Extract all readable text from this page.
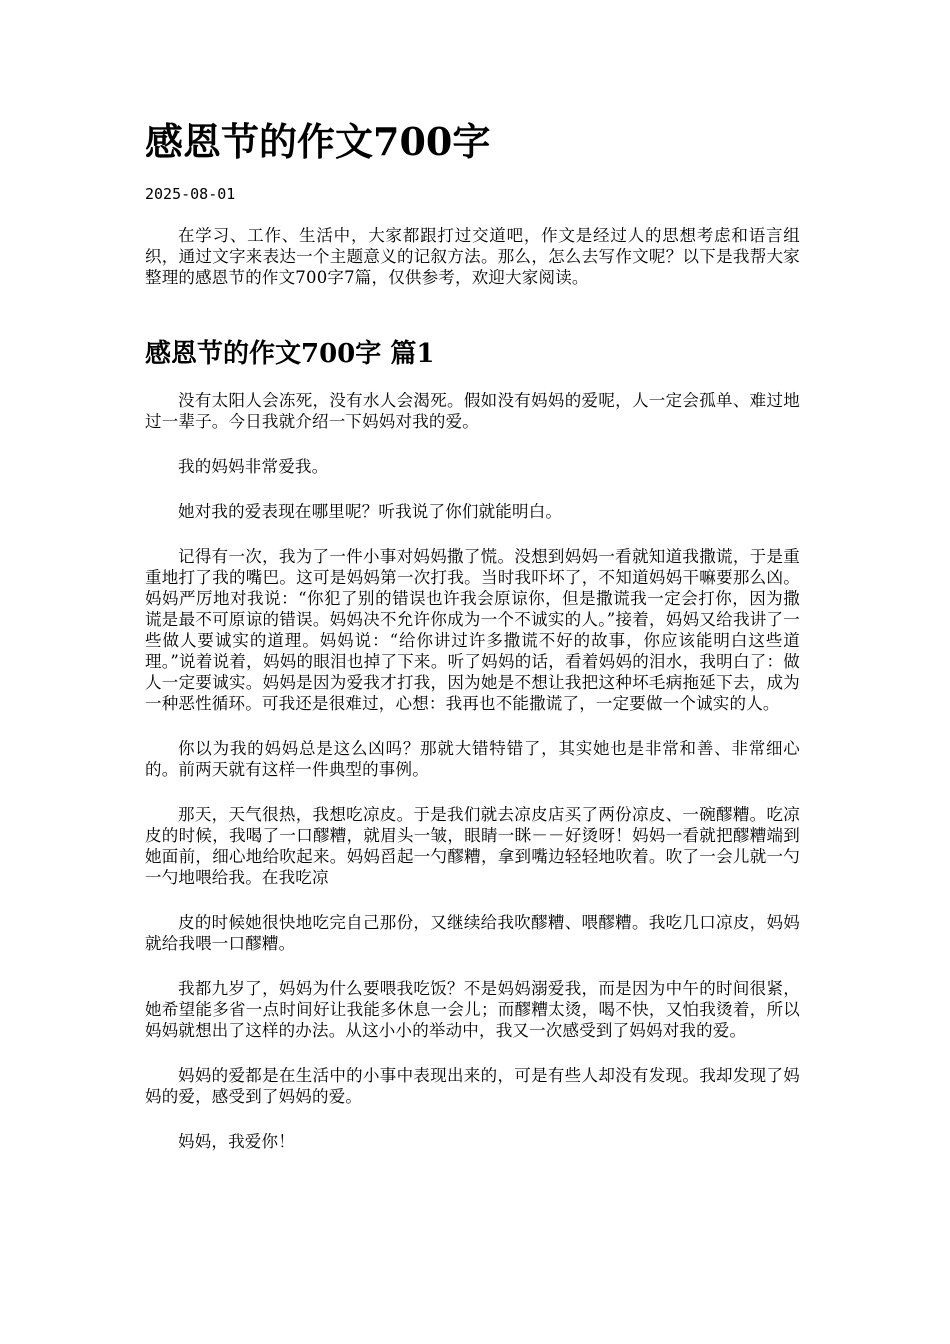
感恩节的作文700字
2025-08-01

在学习、工作、生活中，大家都跟打过交道吧，作文是经过人的思想考虑和语言组织，通过文字来表达一个主题意义的记叙方法。那么，怎么去写作文呢？以下是我帮大家整理的感恩节的作文700字7篇，仅供参考，欢迎大家阅读。

感恩节的作文700字 篇1

没有太阳人会冻死，没有水人会渴死。假如没有妈妈的爱呢，人一定会孤单、难过地过一辈子。今日我就介绍一下妈妈对我的爱。

我的妈妈非常爱我。

她对我的爱表现在哪里呢？听我说了你们就能明白。

记得有一次，我为了一件小事对妈妈撒了慌。没想到妈妈一看就知道我撒谎，于是重重地打了我的嘴巴。这可是妈妈第一次打我。当时我吓坏了，不知道妈妈干嘛要那么凶。妈妈严厉地对我说：“你犯了别的错误也许我会原谅你，但是撒谎我一定会打你，因为撒谎是最不可原谅的错误。妈妈决不允许你成为一个不诚实的人。”接着，妈妈又给我讲了一些做人要诚实的道理。妈妈说：“给你讲过许多撒谎不好的故事，你应该能明白这些道理。”说着说着，妈妈的眼泪也掉了下来。听了妈妈的话，看着妈妈的泪水，我明白了：做人一定要诚实。妈妈是因为爱我才打我，因为她是不想让我把这种坏毛病拖延下去，成为一种恶性循环。可我还是很难过，心想：我再也不能撒谎了，一定要做一个诚实的人。

你以为我的妈妈总是这么凶吗？那就大错特错了，其实她也是非常和善、非常细心的。前两天就有这样一件典型的事例。

那天，天气很热，我想吃凉皮。于是我们就去凉皮店买了两份凉皮、一碗醪糟。吃凉皮的时候，我喝了一口醪糟，就眉头一皱，眼睛一眯－－好烫呀！妈妈一看就把醪糟端到她面前，细心地给吹起来。妈妈舀起一勺醪糟，拿到嘴边轻轻地吹着。吹了一会儿就一勺一勺地喂给我。在我吃凉

皮的时候她很快地吃完自己那份，又继续给我吹醪糟、喂醪糟。我吃几口凉皮，妈妈就给我喂一口醪糟。

我都九岁了，妈妈为什么要喂我吃饭？不是妈妈溺爱我，而是因为中午的时间很紧，她希望能多省一点时间好让我能多休息一会儿；而醪糟太烫，喝不快，又怕我烫着，所以妈妈就想出了这样的办法。从这小小的举动中，我又一次感受到了妈妈对我的爱。

妈妈的爱都是在生活中的小事中表现出来的，可是有些人却没有发现。我却发现了妈妈的爱，感受到了妈妈的爱。

妈妈，我爱你！
